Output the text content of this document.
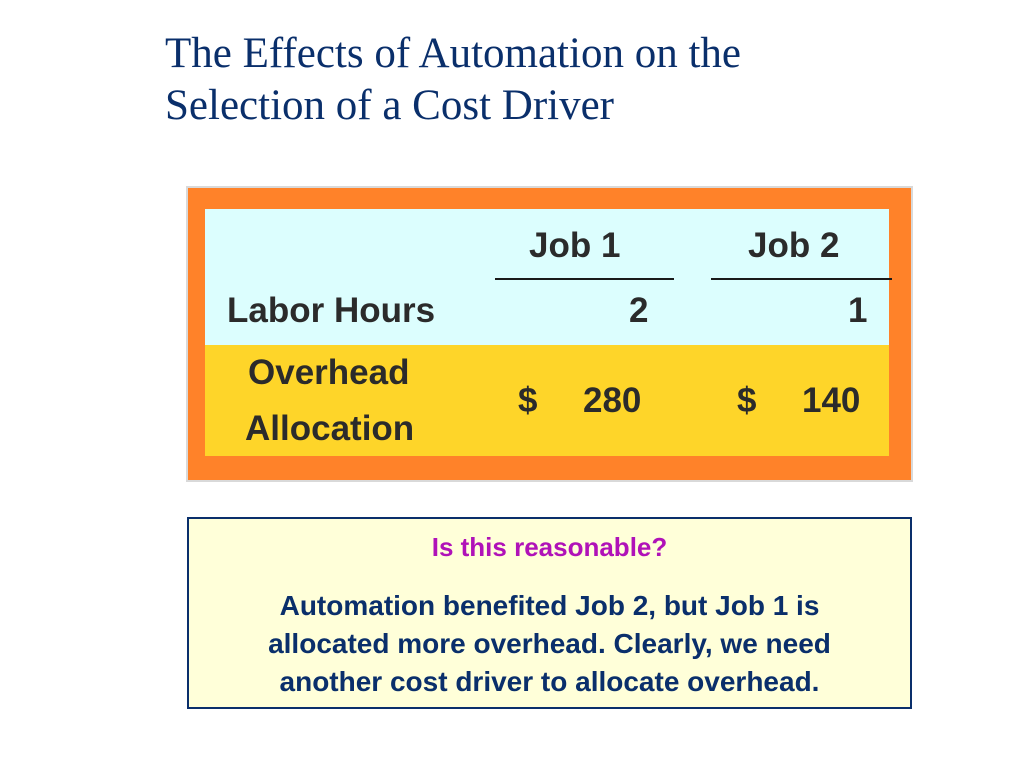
The Effects of Automation on the
Selection of a Cost Driver
Job 1	Job 2
Labor Hours	2	1
Overhead
Allocation
$ 280	$ 140
Is this reasonable?
Automation benefited Job 2, but Job 1 is
allocated more overhead. Clearly, we need
another cost driver to allocate overhead.
